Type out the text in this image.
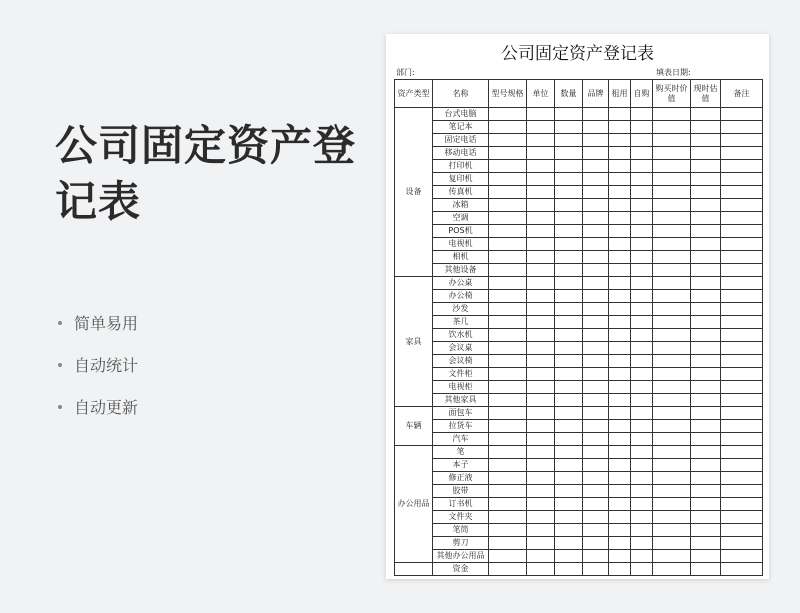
公司固定资产登记表
简单易用
自动统计
自动更新
公司固定资产登记表
部门:	填表日期:
资产类型	名称	型号规格	单位	数量	品牌	租用	自购	购买时价值	现时估值	备注
设备	台式电脑									
	笔记本									
	固定电话									
	移动电话									
	打印机									
	复印机									
	传真机									
	冰箱									
	空调									
	POS机									
	电视机									
	相机									
	其他设备									
家具	办公桌									
	办公椅									
	沙发									
	茶几									
	饮水机									
	会议桌									
	会议椅									
	文件柜									
	电视柜									
	其他家具									
车辆	面包车									
	拉货车									
	汽车									
办公用品	笔									
	本子									
	修正液									
	胶带									
	订书机									
	文件夹									
	笔筒									
	剪刀									
	其他办公用品									
	资金									
